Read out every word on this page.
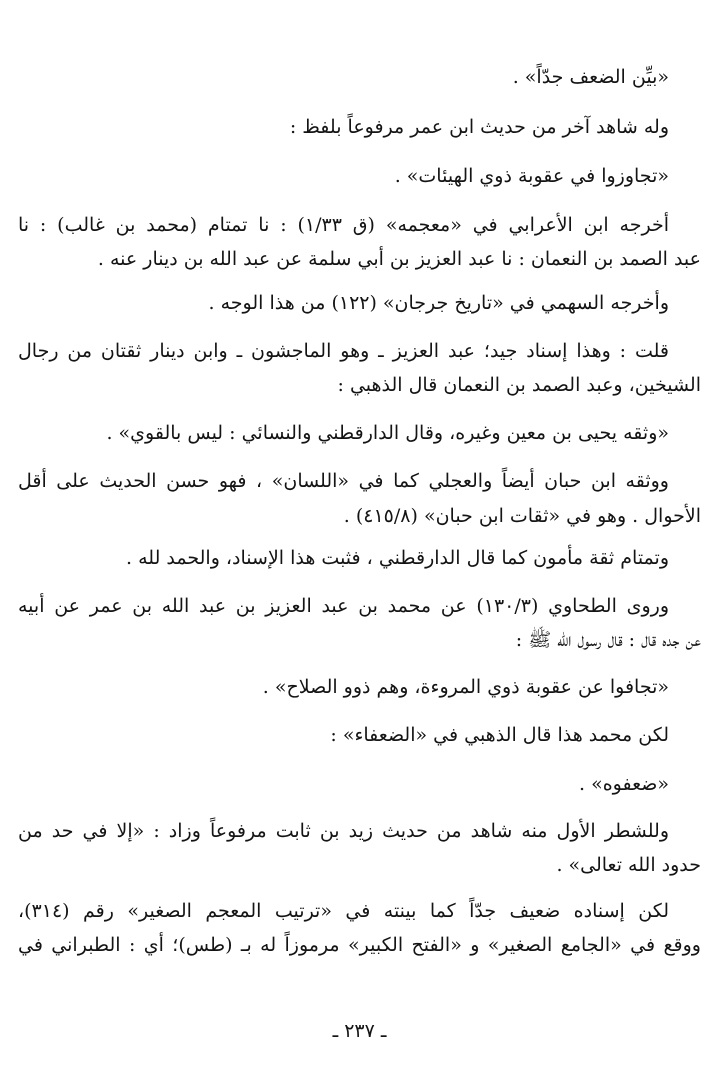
«بيِّن الضعف جدّاً» .
وله شاهد آخر من حديث ابن عمر مرفوعاً بلفظ :
«تجاوزوا في عقوبة ذوي الهيئات» .
أخرجه ابن الأعرابي في «معجمه» (ق ١/٣٣) : نا تمتام (محمد بن غالب) : نا
عبد الصمد بن النعمان : نا عبد العزيز بن أبي سلمة عن عبد الله بن دينار عنه .
وأخرجه السهمي في «تاريخ جرجان» (١٢٢) من هذا الوجه .
قلت : وهذا إسناد جيد؛ عبد العزيز ـ وهو الماجشون ـ وابن دينار ثقتان من رجال
الشيخين، وعبد الصمد بن النعمان قال الذهبي :
«وثقه يحيى بن معين وغيره، وقال الدارقطني والنسائي : ليس بالقوي» .
ووثقه ابن حبان أيضاً والعجلي كما في «اللسان» ، فهو حسن الحديث على أقل
الأحوال . وهو في «ثقات ابن حبان» (٤١٥/٨) .
وتمتام ثقة مأمون كما قال الدارقطني ، فثبت هذا الإسناد، والحمد لله .
وروى الطحاوي (١٣٠/٣) عن محمد بن عبد العزيز بن عبد الله بن عمر عن أبيه
عن جده قال : قال رسول الله ﷺ :
«تجافوا عن عقوبة ذوي المروءة، وهم ذوو الصلاح» .
لكن محمد هذا قال الذهبي في «الضعفاء» :
«ضعفوه» .
وللشطر الأول منه شاهد من حديث زيد بن ثابت مرفوعاً وزاد : «إلا في حد من
حدود الله تعالى» .
لكن إسناده ضعيف جدّاً كما بينته في «ترتيب المعجم الصغير» رقم (٣١٤)،
ووقع في «الجامع الصغير» و «الفتح الكبير» مرموزاً له بـ (طس)؛ أي : الطبراني في
ـ ٢٣٧ ـ
